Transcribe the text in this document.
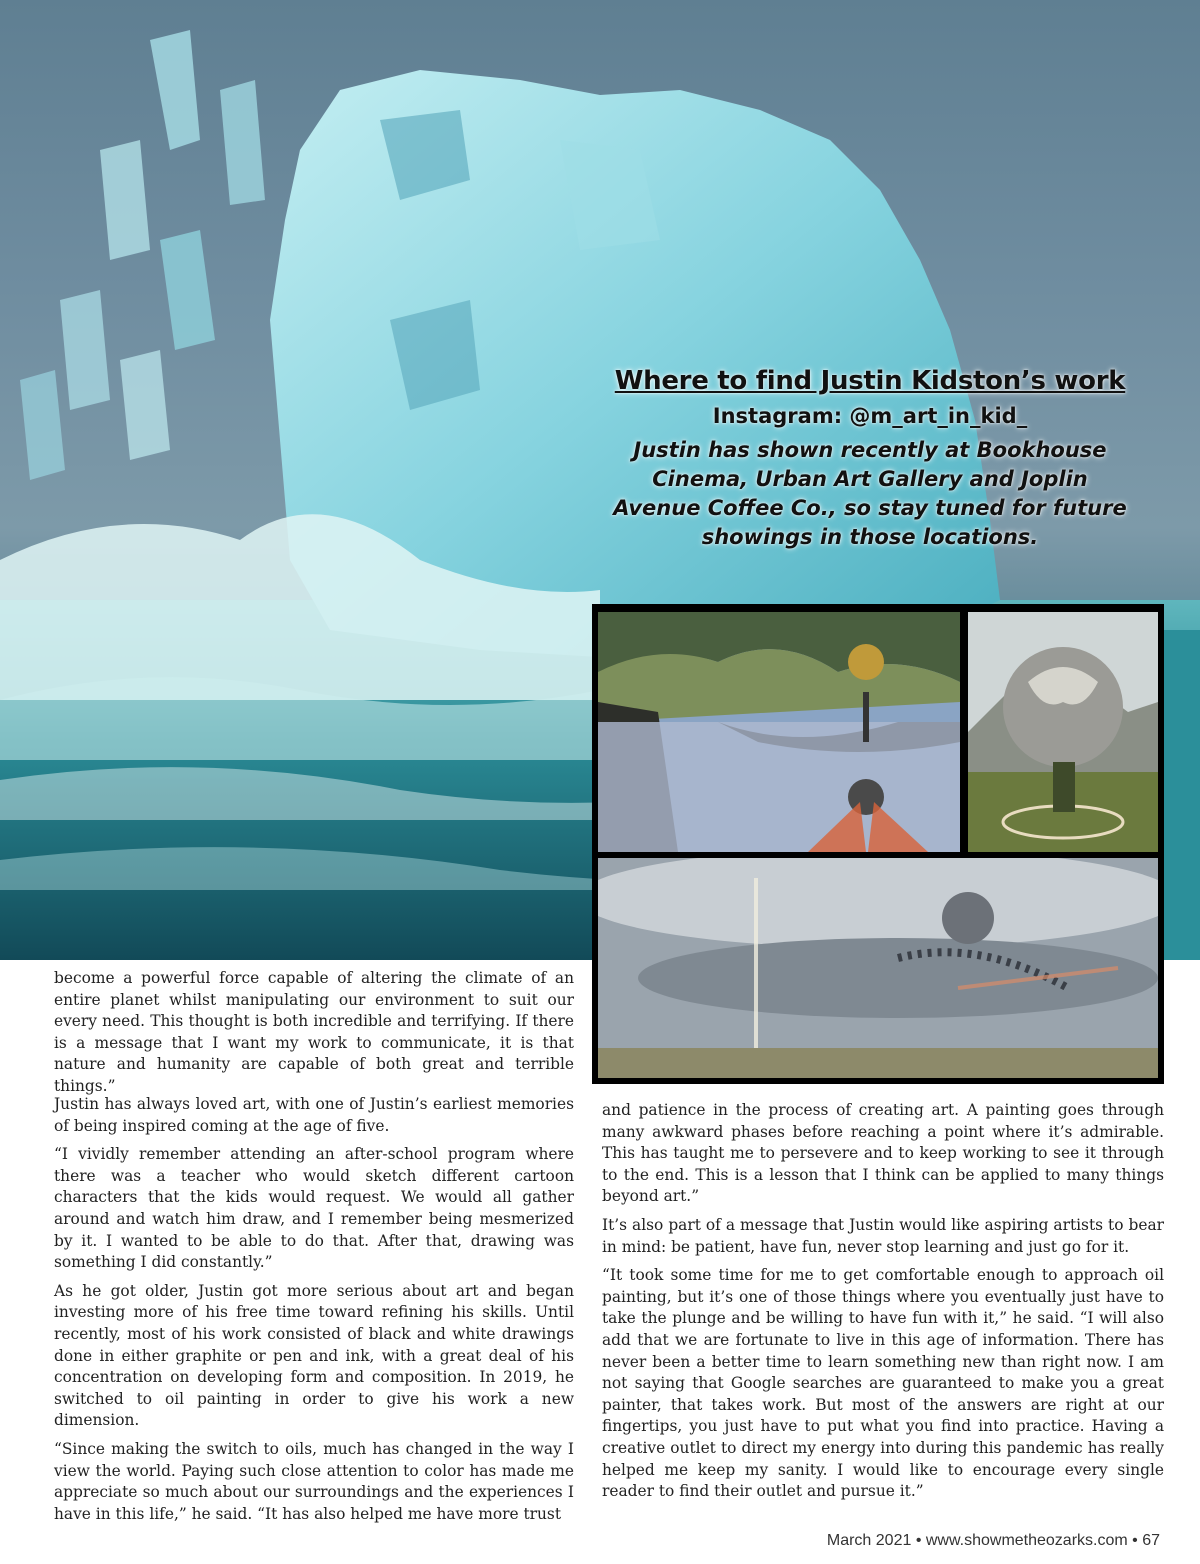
Where to find Justin Kidston’s work
Instagram: @m_art_in_kid_
Justin has shown recently at Bookhouse Cinema, Urban Art Gallery and Joplin Avenue Coffee Co., so stay tuned for future showings in those locations.

become a powerful force capable of altering the climate of an entire planet whilst manipulating our environment to suit our every need. This thought is both incredible and terrifying. If there is a message that I want my work to communicate, it is that nature and humanity are capable of both great and terrible things.”

Justin has always loved art, with one of Justin’s earliest memories of being inspired coming at the age of five.

“I vividly remember attending an after-school program where there was a teacher who would sketch different cartoon characters that the kids would request. We would all gather around and watch him draw, and I remember being mesmerized by it. I wanted to be able to do that. After that, drawing was something I did constantly.”

As he got older, Justin got more serious about art and began investing more of his free time toward refining his skills. Until recently, most of his work consisted of black and white drawings done in either graphite or pen and ink, with a great deal of his concentration on developing form and composition. In 2019, he switched to oil painting in order to give his work a new dimension.

“Since making the switch to oils, much has changed in the way I view the world. Paying such close attention to color has made me appreciate so much about our surroundings and the experiences I have in this life,” he said. “It has also helped me have more trust

and patience in the process of creating art. A painting goes through many awkward phases before reaching a point where it’s admirable. This has taught me to persevere and to keep working to see it through to the end. This is a lesson that I think can be applied to many things beyond art.”

It’s also part of a message that Justin would like aspiring artists to bear in mind: be patient, have fun, never stop learning and just go for it.

“It took some time for me to get comfortable enough to approach oil painting, but it’s one of those things where you eventually just have to take the plunge and be willing to have fun with it,” he said. “I will also add that we are fortunate to live in this age of information. There has never been a better time to learn something new than right now. I am not saying that Google searches are guaranteed to make you a great painter, that takes work. But most of the answers are right at our fingertips, you just have to put what you find into practice. Having a creative outlet to direct my energy into during this pandemic has really helped me keep my sanity. I would like to encourage every single reader to find their outlet and pursue it.”

March 2021 • www.showmetheozarks.com • 67
